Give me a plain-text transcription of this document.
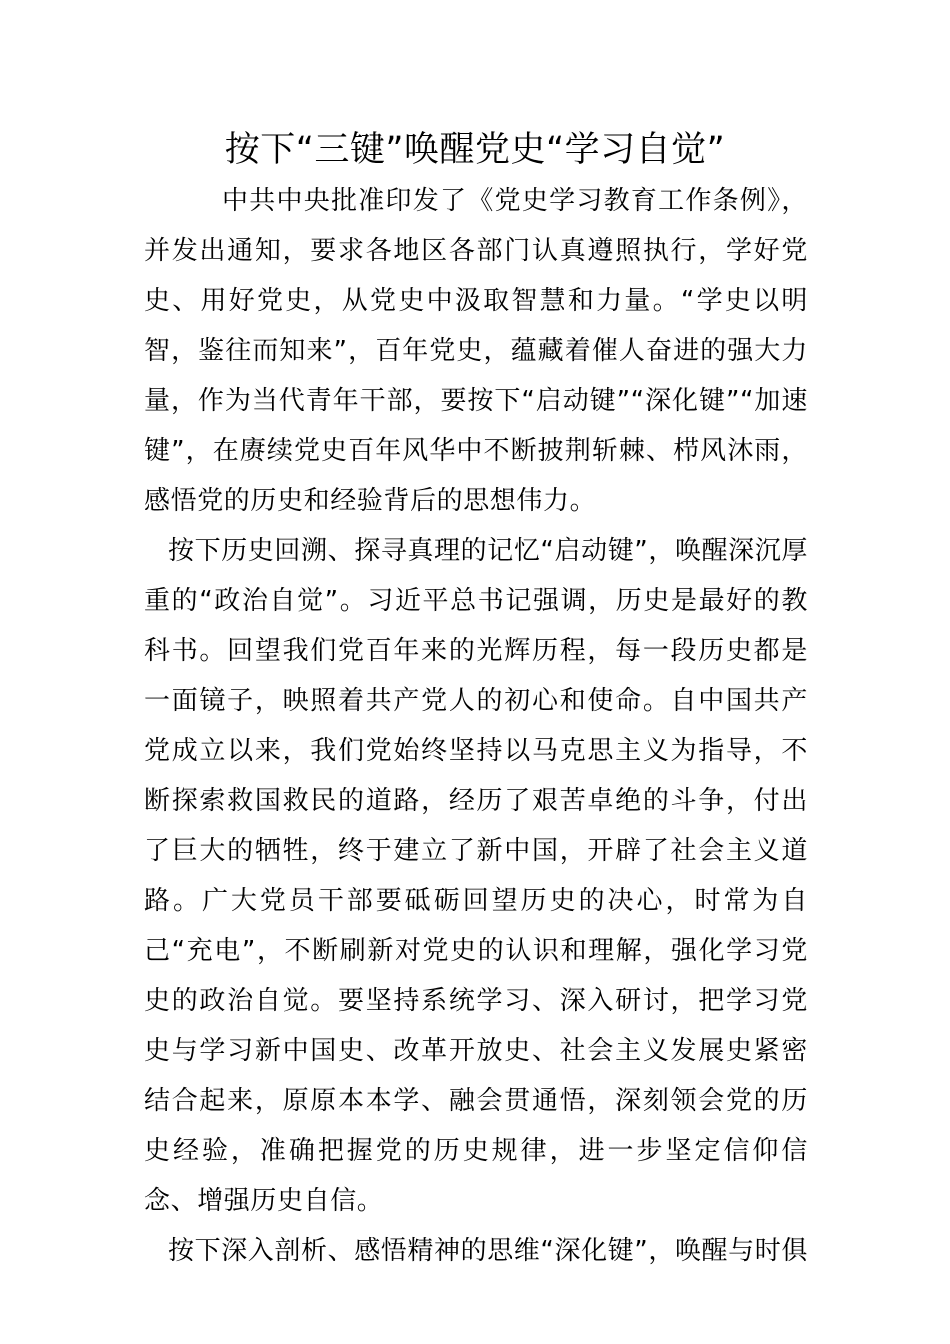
按下“三键”唤醒党史“学习自觉”

中共中央批准印发了《党史学习教育工作条例》，并发出通知，要求各地区各部门认真遵照执行，学好党史、用好党史，从党史中汲取智慧和力量。“学史以明智，鉴往而知来”，百年党史，蕴藏着催人奋进的强大力量，作为当代青年干部，要按下“启动键”“深化键”“加速键”，在赓续党史百年风华中不断披荆斩棘、栉风沐雨，感悟党的历史和经验背后的思想伟力。

按下历史回溯、探寻真理的记忆“启动键”，唤醒深沉厚重的“政治自觉”。习近平总书记强调，历史是最好的教科书。回望我们党百年来的光辉历程，每一段历史都是一面镜子，映照着共产党人的初心和使命。自中国共产党成立以来，我们党始终坚持以马克思主义为指导，不断探索救国救民的道路，经历了艰苦卓绝的斗争，付出了巨大的牺牲，终于建立了新中国，开辟了社会主义道路。广大党员干部要砥砺回望历史的决心，时常为自己“充电”，不断刷新对党史的认识和理解，强化学习党史的政治自觉。要坚持系统学习、深入研讨，把学习党史与学习新中国史、改革开放史、社会主义发展史紧密结合起来，原原本本学、融会贯通悟，深刻领会党的历史经验，准确把握党的历史规律，进一步坚定信仰信念、增强历史自信。

按下深入剖析、感悟精神的思维“深化键”，唤醒与时俱
